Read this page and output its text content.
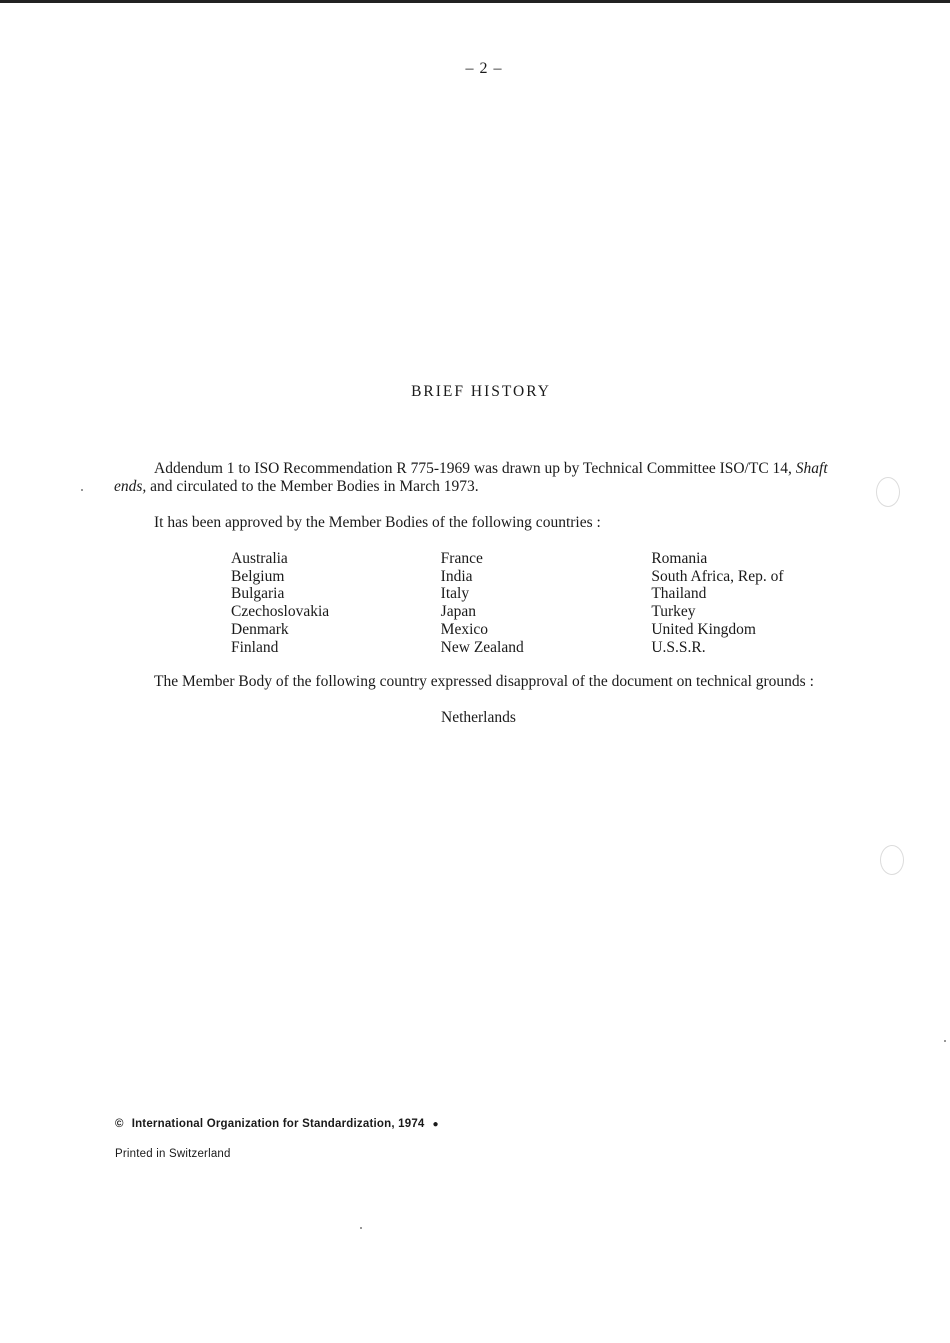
– 2 –
BRIEF HISTORY

Addendum 1 to ISO Recommendation R 775-1969 was drawn up by Technical Committee ISO/TC 14, Shaft ends, and circulated to the Member Bodies in March 1973.

It has been approved by the Member Bodies of the following countries :

Australia
Belgium
Bulgaria
Czechoslovakia
Denmark
Finland
France
India
Italy
Japan
Mexico
New Zealand
Romania
South Africa, Rep. of
Thailand
Turkey
United Kingdom
U.S.S.R.

The Member Body of the following country expressed disapproval of the document on technical grounds :

Netherlands
© International Organization for Standardization, 1974 ●
Printed in Switzerland
